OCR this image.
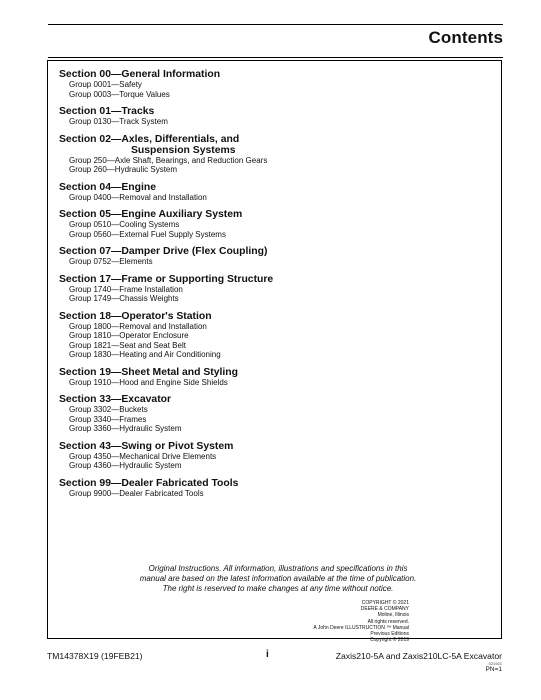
Contents
Section 00—General Information
Group 0001—Safety
Group 0003—Torque Values
Section 01—Tracks
Group 0130—Track System
Section 02—Axles, Differentials, and
Suspension Systems
Group 250—Axle Shaft, Bearings, and Reduction Gears
Group 260—Hydraulic System
Section 04—Engine
Group 0400—Removal and Installation
Section 05—Engine Auxiliary System
Group 0510—Cooling Systems
Group 0560—External Fuel Supply Systems
Section 07—Damper Drive (Flex Coupling)
Group 0752—Elements
Section 17—Frame or Supporting Structure
Group 1740—Frame Installation
Group 1749—Chassis Weights
Section 18—Operator's Station
Group 1800—Removal and Installation
Group 1810—Operator Enclosure
Group 1821—Seat and Seat Belt
Group 1830—Heating and Air Conditioning
Section 19—Sheet Metal and Styling
Group 1910—Hood and Engine Side Shields
Section 33—Excavator
Group 3302—Buckets
Group 3340—Frames
Group 3360—Hydraulic System
Section 43—Swing or Pivot System
Group 4350—Mechanical Drive Elements
Group 4360—Hydraulic System
Section 99—Dealer Fabricated Tools
Group 9900—Dealer Fabricated Tools
Original Instructions. All information, illustrations and specifications in this
manual are based on the latest information available at the time of publication.
The right is reserved to make changes at any time without notice.
COPYRIGHT © 2021
DEERE & COMPANY
Moline, Illinois
All rights reserved.
A John Deere ILLUSTRUCTION ™ Manual
Previous Editions
Copyright © 2019
TM14378X19 (19FEB21)	i	Zaxis210-5A and Zaxis210LC-5A Excavator
021921
PN=1
